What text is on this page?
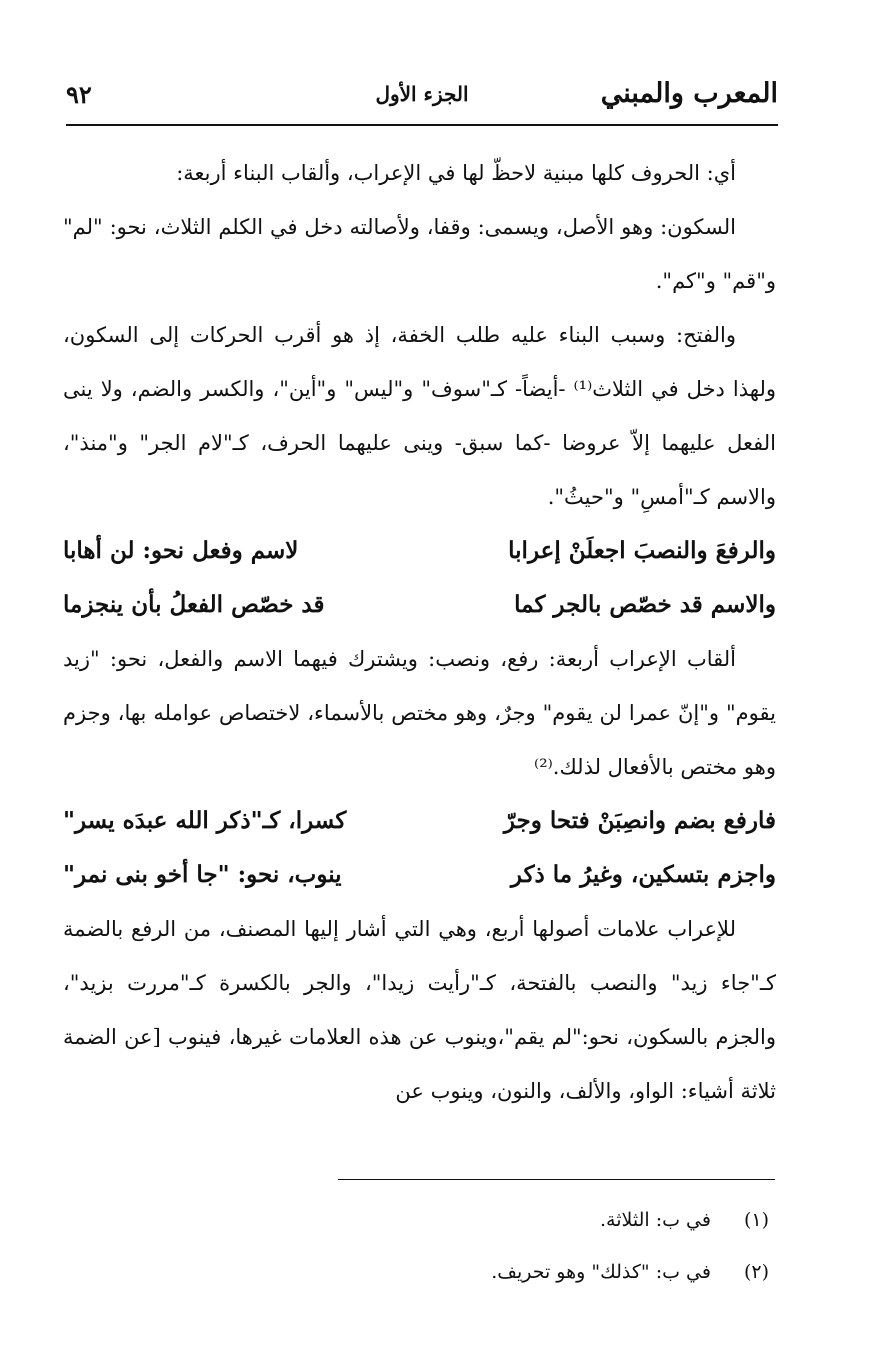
المعرب والمبني
الجزء الأول
٩٢

أي: الحروف كلها مبنية لاحظّ لها في الإعراب، وألقاب البناء أربعة:

السكون: وهو الأصل، ويسمى: وقفا، ولأصالته دخل في الكلم الثلاث، نحو: "لم" و"قم" و"كم".

والفتح: وسبب البناء عليه طلب الخفة، إذ هو أقرب الحركات إلى السكون، ولهذا دخل في الثلاث⁽¹⁾ -أيضاً- كـ"سوف" و"ليس" و"أين"، والكسر والضم، ولا ينى الفعل عليهما إلاّ عروضا -كما سبق- وينى عليهما الحرف، كـ"لام الجر" و"منذ"، والاسم كـ"أمسِ" و"حيثُ".

والرفعَ والنصبَ اجعلَنْ إعرابا
لاسم وفعل نحو: لن أهابا
والاسم قد خصّص بالجر كما
قد خصّص الفعلُ بأن ينجزما

ألقاب الإعراب أربعة: رفع، ونصب: ويشترك فيهما الاسم والفعل، نحو: "زيد يقوم" و"إنّ عمرا لن يقوم" وجرٌ، وهو مختص بالأسماء، لاختصاص عوامله بها، وجزم وهو مختص بالأفعال لذلك.⁽²⁾

فارفع بضم وانصِبَنْ فتحا وجرّ
كسرا، كـ"ذكر الله عبدَه يسر"
واجزم بتسكين، وغيرُ ما ذكر
ينوب، نحو: "جا أخو بنى نمر"

للإعراب علامات أصولها أربع، وهي التي أشار إليها المصنف، من الرفع بالضمة كـ"جاء زيد" والنصب بالفتحة، كـ"رأيت زيدا"، والجر بالكسرة كـ"مررت بزيد"، والجزم بالسكون، نحو:"لم يقم"،وينوب عن هذه العلامات غيرها، فينوب [عن الضمة ثلاثة أشياء: الواو، والألف، والنون، وينوب عن

(١) في ب: الثلاثة.
(٢) في ب: "كذلك" وهو تحريف.
